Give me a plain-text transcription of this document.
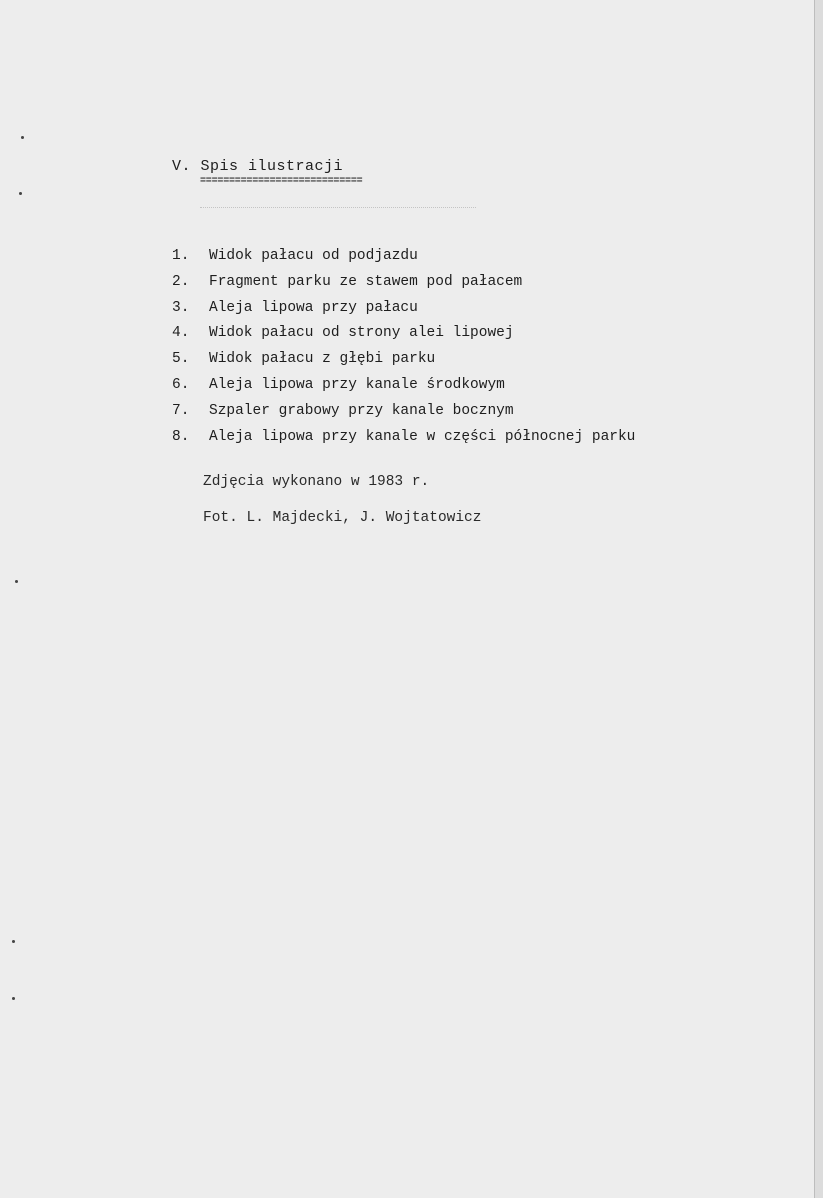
V. Spis ilustracji
============================
1. Widok pałacu od podjazdu
2. Fragment parku ze stawem pod pałacem
3. Aleja lipowa przy pałacu
4. Widok pałacu od strony alei lipowej
5. Widok pałacu z głębi parku
6. Aleja lipowa przy kanale środkowym
7. Szpaler grabowy przy kanale bocznym
8. Aleja lipowa przy kanale w części północnej parku
Zdjęcia wykonano w 1983 r.
Fot. L. Majdecki, J. Wojtatowicz
